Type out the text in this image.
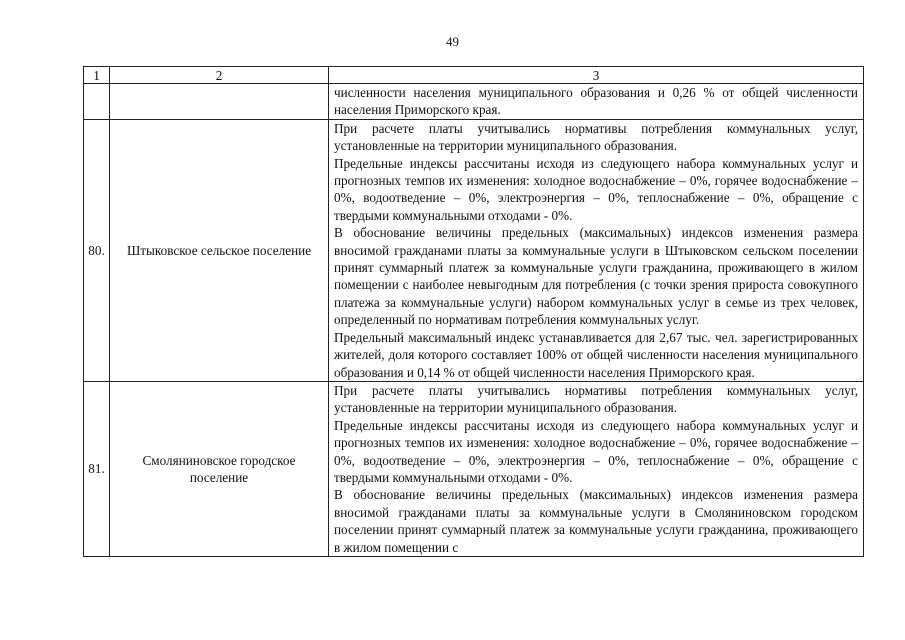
49
1	2	3

		численности населения муниципального образования и 0,26 % от общей численности населения Приморского края.

80.	Штыковское сельское поселение	При расчете платы учитывались нормативы потребления коммунальных услуг, установленные на территории муниципального образования.

Предельные индексы рассчитаны исходя из следующего набора коммунальных услуг и прогнозных темпов их изменения: холодное водоснабжение – 0%, горячее водоснабжение – 0%, водоотведение – 0%, электроэнергия – 0%, теплоснабжение – 0%, обращение с твердыми коммунальными отходами - 0%.

В обоснование величины предельных (максимальных) индексов изменения размера вносимой гражданами платы за коммунальные услуги в Штыковском сельском поселении принят суммарный платеж за коммунальные услуги гражданина, проживающего в жилом помещении с наиболее невыгодным для потребления (с точки зрения прироста совокупного платежа за коммунальные услуги) набором коммунальных услуг в семье из трех человек, определенный по нормативам потребления коммунальных услуг.

Предельный максимальный индекс устанавливается для 2,67 тыс. чел. зарегистрированных жителей, доля которого составляет 100% от общей численности населения муниципального образования и 0,14 % от общей численности населения Приморского края.

81.	Смоляниновское городское поселение	При расчете платы учитывались нормативы потребления коммунальных услуг, установленные на территории муниципального образования.

Предельные индексы рассчитаны исходя из следующего набора коммунальных услуг и прогнозных темпов их изменения: холодное водоснабжение – 0%, горячее водоснабжение – 0%, водоотведение – 0%, электроэнергия – 0%, теплоснабжение – 0%, обращение с твердыми коммунальными отходами - 0%.

В обоснование величины предельных (максимальных) индексов изменения размера вносимой гражданами платы за коммунальные услуги в Смоляниновском городском поселении принят суммарный платеж за коммунальные услуги гражданина, проживающего в жилом помещении с
